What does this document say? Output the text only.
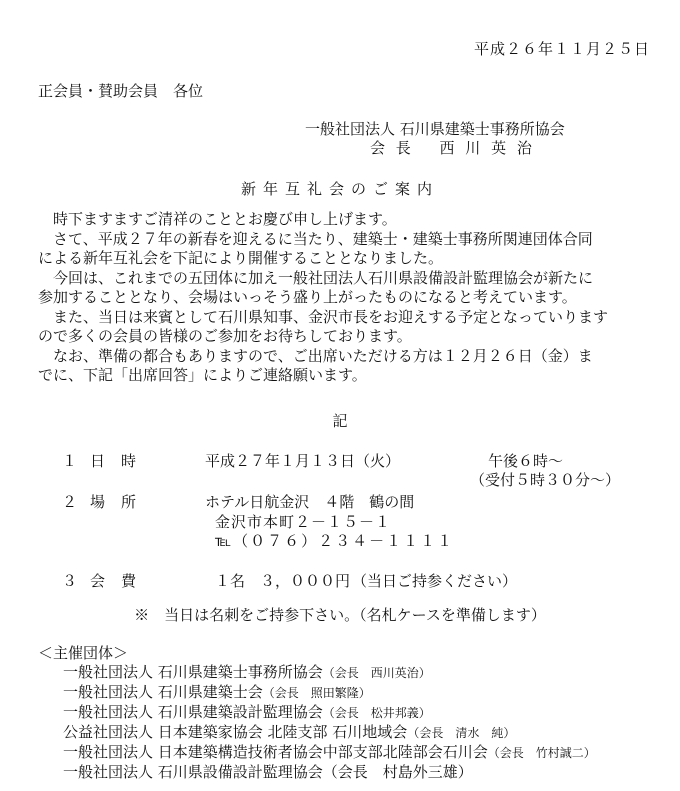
平成２６年１１月２５日
正会員・賛助会員　各位
一般社団法人 石川県建築士事務所協会
会 長　 西 川 英 治
新年互礼会のご案内

　時下ますますご清祥のこととお慶び申し上げます。

　さて、平成２７年の新春を迎えるに当たり、建築士・建築士事務所関連団体合同

による新年互礼会を下記により開催することとなりました。

　今回は、これまでの五団体に加え一般社団法人石川県設備設計監理協会が新たに

参加することとなり、会場はいっそう盛り上がったものになると考えています。

　また、当日は来賓として石川県知事、金沢市長をお迎えする予定となっていります

ので多くの会員の皆様のご参加をお待ちしております。

　なお、準備の都合もありますので、ご出席いただける方は１２月２６日（金）ま

でに、下記「出席回答」によりご連絡願います。

記
１ 日時	平成２７年１月１３日（火）	午後６時〜
（受付５時３０分〜）
２ 場所	ホテル日航金沢　４階　鶴の間
金沢市本町２－１５－１
℡（０７６）２３４－１１１１
３ 会費	１名　３，０００円 （当日ご持参ください）
※　当日は名刺をご持参下さい。（名札ケースを準備します）
＜主催団体＞
一般社団法人 石川県建築士事務所協会（会長　西川英治）
一般社団法人 石川県建築士会（会長　照田繁隆）
一般社団法人 石川県建築設計監理協会（会長　松井邦義）
公益社団法人 日本建築家協会 北陸支部 石川地域会（会長　清水　純）
一般社団法人 日本建築構造技術者協会中部支部北陸部会石川会（会長　竹村誠二）
一般社団法人 石川県設備設計監理協会（会長　村島外三雄）
